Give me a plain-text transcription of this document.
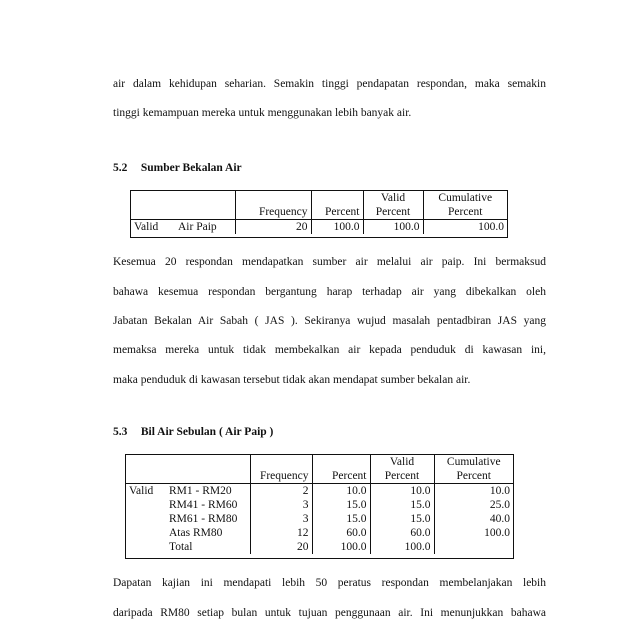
air dalam kehidupan seharian. Semakin tinggi pendapatan respondan, maka semakin
tinggi kemampuan mereka untuk menggunakan lebih banyak air.
5.2 Sumber Bekalan Air
				Valid	Cumulative
		Frequency	Percent	Percent	Percent
Valid	Air Paip	20	100.0	100.0	100.0
Kesemua 20 respondan mendapatkan sumber air melalui air paip. Ini bermaksud
bahawa kesemua respondan bergantung harap terhadap air yang dibekalkan oleh
Jabatan Bekalan Air Sabah ( JAS ). Sekiranya wujud masalah pentadbiran JAS yang
memaksa mereka untuk tidak membekalkan air kepada penduduk di kawasan ini,
maka penduduk di kawasan tersebut tidak akan mendapat sumber bekalan air.
5.3 Bil Air Sebulan ( Air Paip )
				Valid	Cumulative
		Frequency	Percent	Percent	Percent
Valid	RM1 - RM20	2	10.0	10.0	10.0
	RM41 - RM60	3	15.0	15.0	25.0
	RM61 - RM80	3	15.0	15.0	40.0
	Atas RM80	12	60.0	60.0	100.0
	Total	20	100.0	100.0	
Dapatan kajian ini mendapati lebih 50 peratus respondan membelanjakan lebih
daripada RM80 setiap bulan untuk tujuan penggunaan air. Ini menunjukkan bahawa
